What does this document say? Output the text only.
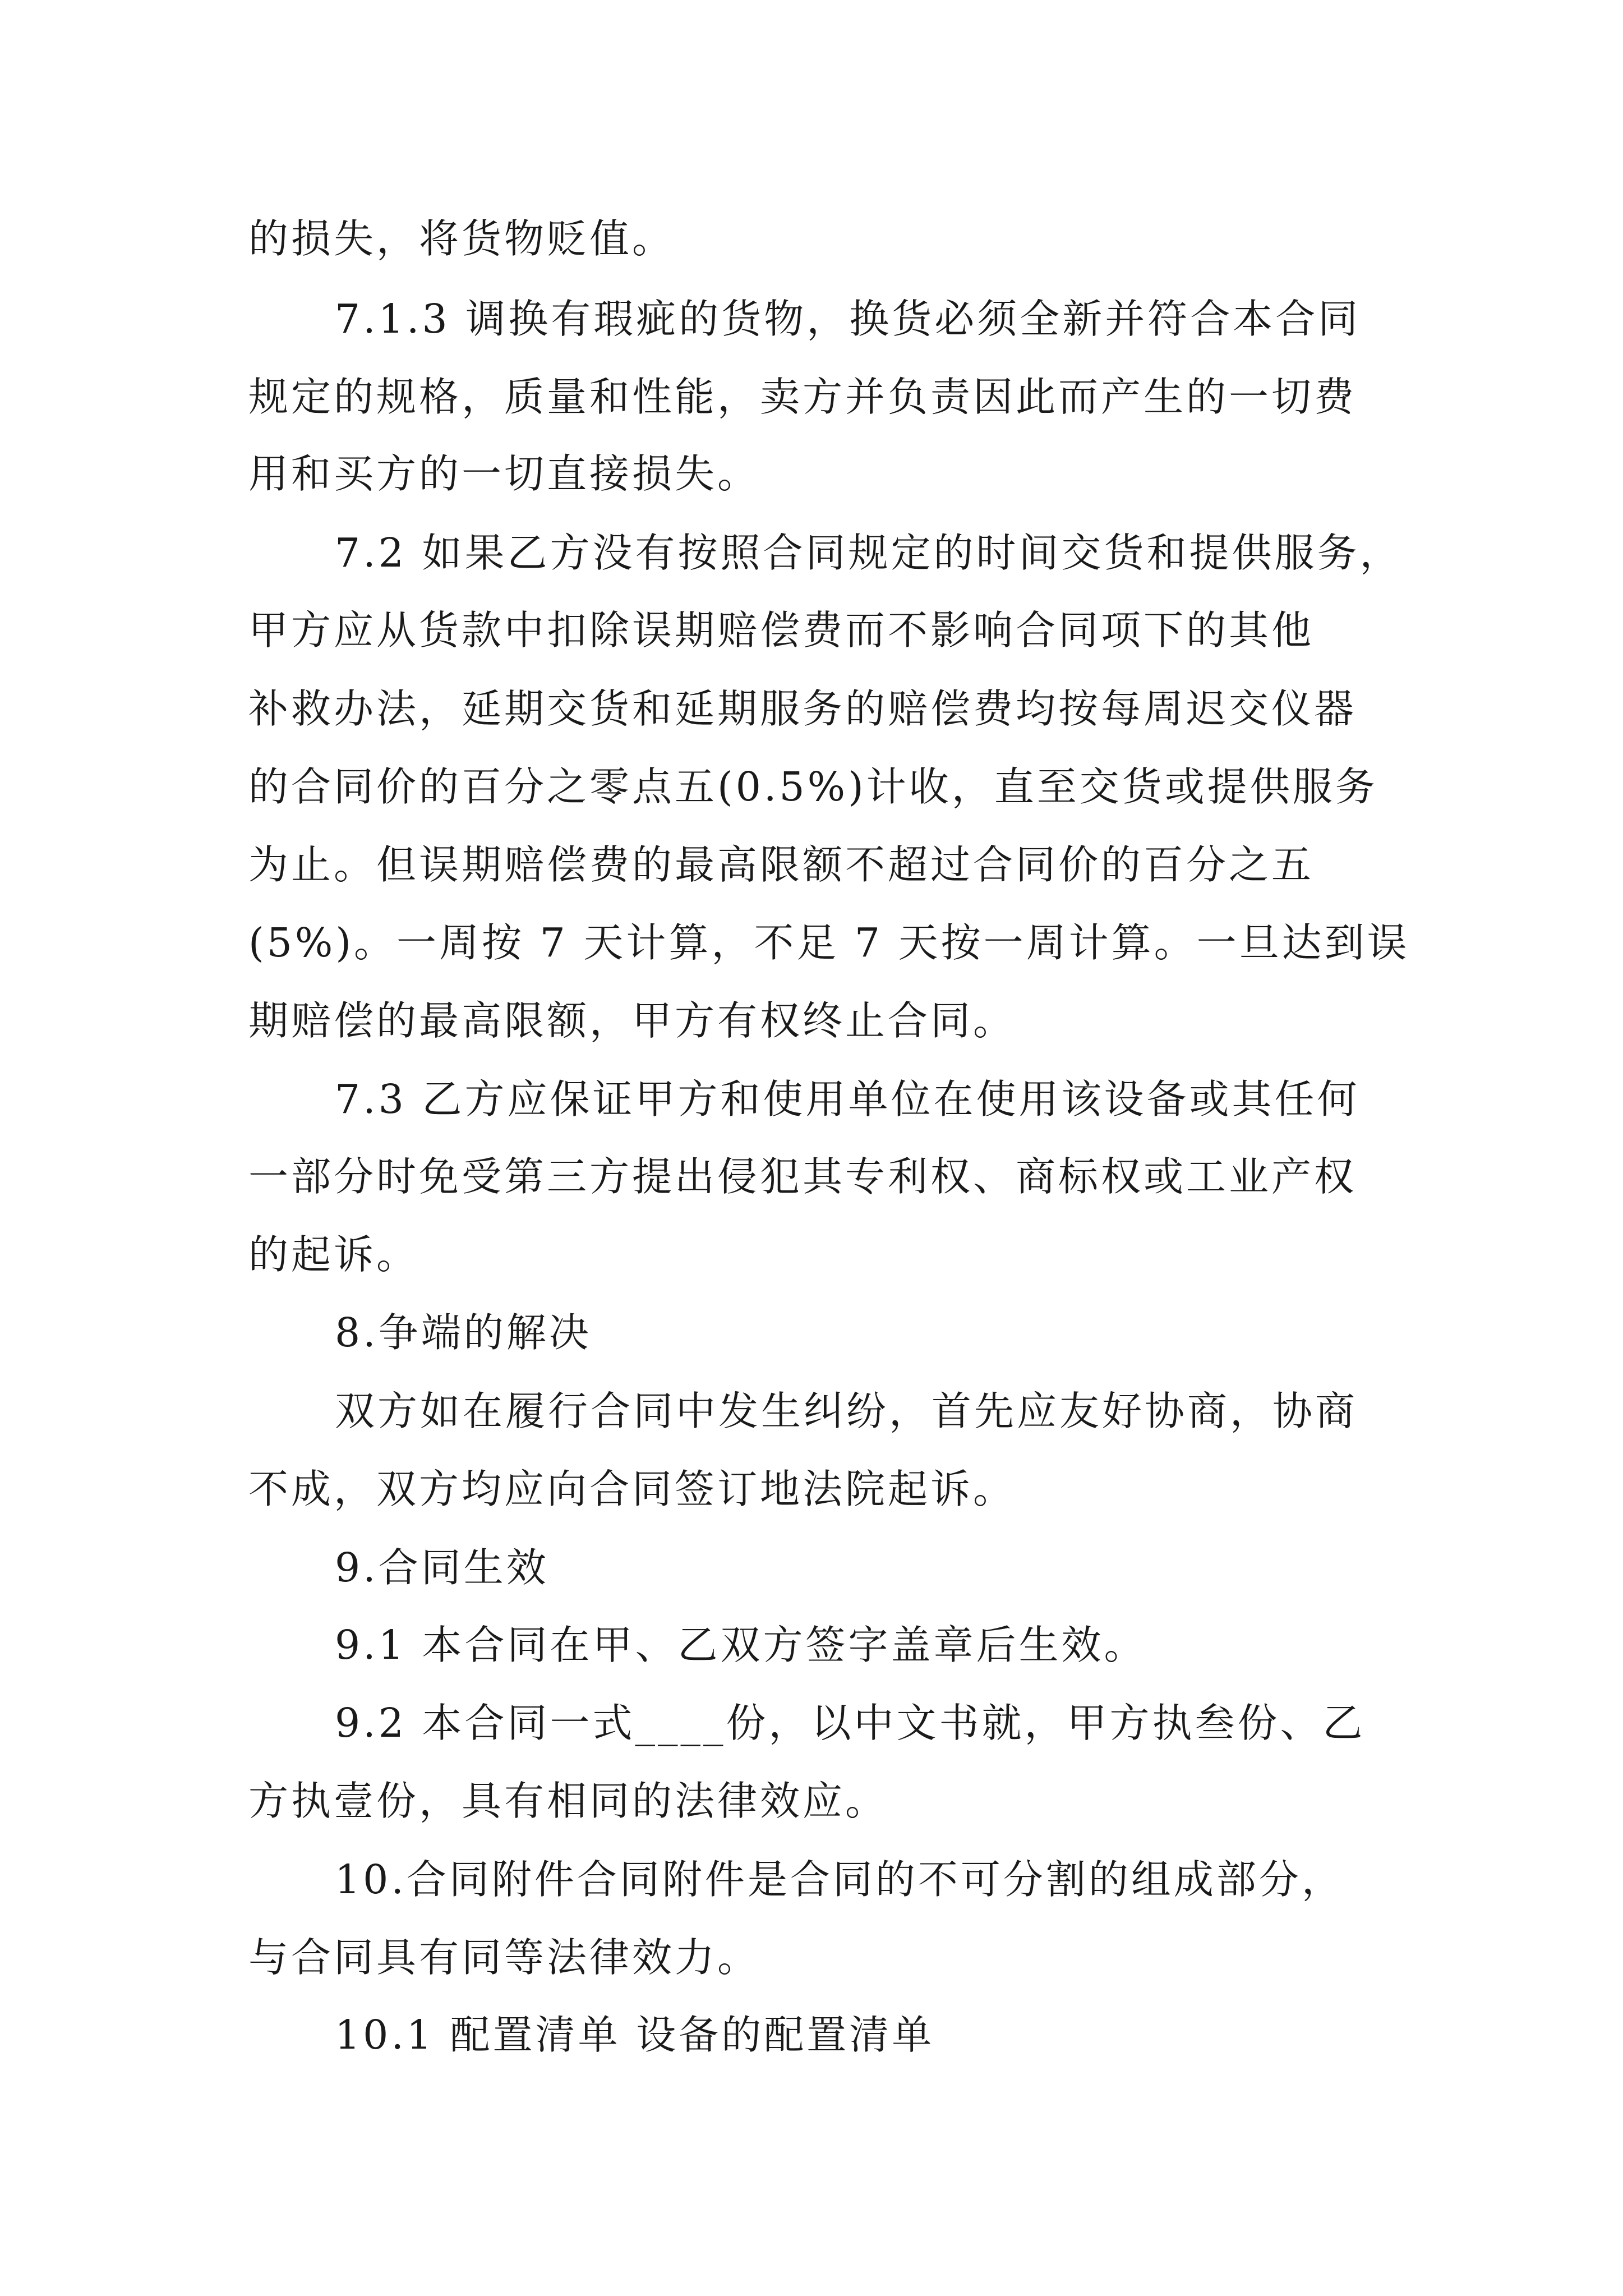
的损失，将货物贬值。

7.1.3 调换有瑕疵的货物，换货必须全新并符合本合同

规定的规格，质量和性能，卖方并负责因此而产生的一切费

用和买方的一切直接损失。

7.2 如果乙方没有按照合同规定的时间交货和提供服务，

甲方应从货款中扣除误期赔偿费而不影响合同项下的其他

补救办法，延期交货和延期服务的赔偿费均按每周迟交仪器

的合同价的百分之零点五(0.5%)计收，直至交货或提供服务

为止。但误期赔偿费的最高限额不超过合同价的百分之五

(5%)。一周按 7 天计算，不足 7 天按一周计算。一旦达到误

期赔偿的最高限额，甲方有权终止合同。

7.3 乙方应保证甲方和使用单位在使用该设备或其任何

一部分时免受第三方提出侵犯其专利权、商标权或工业产权

的起诉。

8.争端的解决

双方如在履行合同中发生纠纷，首先应友好协商，协商

不成，双方均应向合同签订地法院起诉。

9.合同生效

9.1 本合同在甲、乙双方签字盖章后生效。

9.2 本合同一式____份，以中文书就，甲方执叁份、乙

方执壹份，具有相同的法律效应。

10.合同附件合同附件是合同的不可分割的组成部分，

与合同具有同等法律效力。

10.1 配置清单 设备的配置清单
